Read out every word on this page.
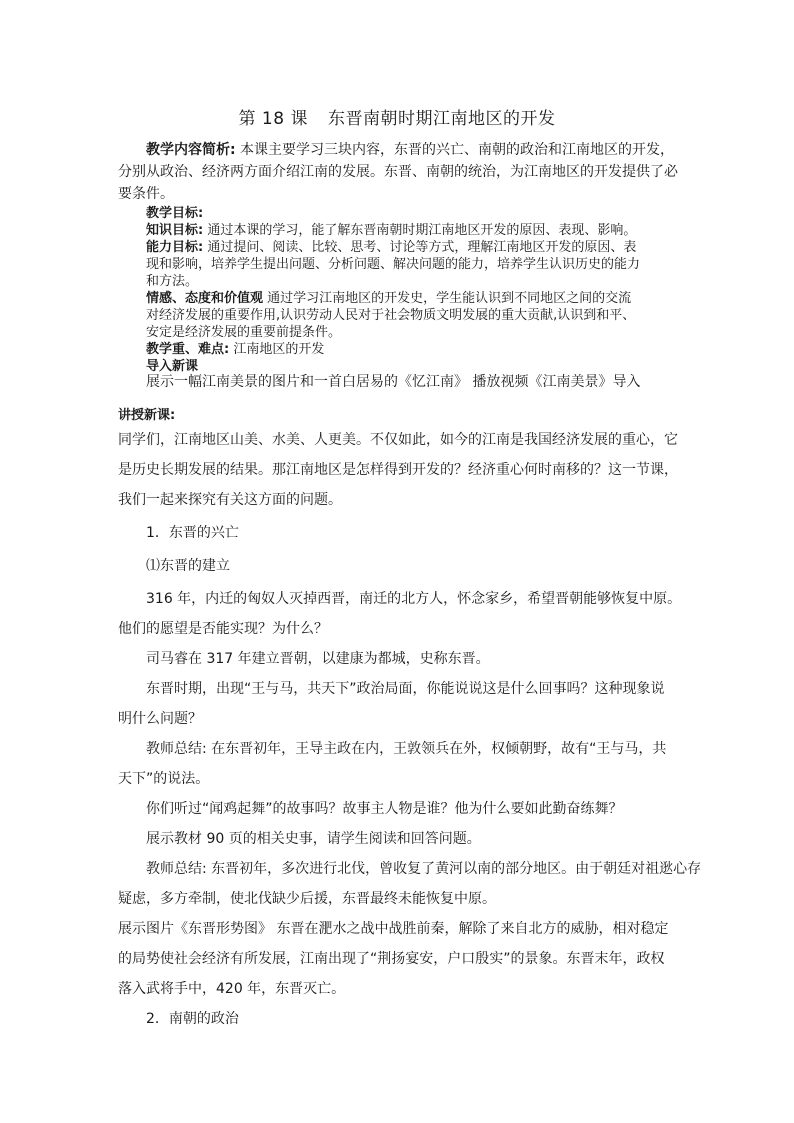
第 18 课 东晋南朝时期江南地区的开发
教学内容简析: 本课主要学习三块内容，东晋的兴亡、南朝的政治和江南地区的开发，
分别从政治、经济两方面介绍江南的发展。东晋、南朝的统治，为江南地区的开发提供了必
要条件。
教学目标:
知识目标: 通过本课的学习，能了解东晋南朝时期江南地区开发的原因、表现、影响。
能力目标: 通过提问、阅读、比较、思考、讨论等方式，理解江南地区开发的原因、表
现和影响，培养学生提出问题、分析问题、解决问题的能力，培养学生认识历史的能力
和方法。
情感、态度和价值观 通过学习江南地区的开发史，学生能认识到不同地区之间的交流
对经济发展的重要作用,认识劳动人民对于社会物质文明发展的重大贡献,认识到和平、
安定是经济发展的重要前提条件。
教学重、难点: 江南地区的开发
导入新课
展示一幅江南美景的图片和一首白居易的《忆江南》 播放视频《江南美景》导入
讲授新课:
同学们，江南地区山美、水美、人更美。不仅如此，如今的江南是我国经济发展的重心，它
是历史长期发展的结果。那江南地区是怎样得到开发的？经济重心何时南移的？这一节课，
我们一起来探究有关这方面的问题。
1．东晋的兴亡
⑴东晋的建立
316 年，内迁的匈奴人灭掉西晋，南迁的北方人，怀念家乡，希望晋朝能够恢复中原。
他们的愿望是否能实现？为什么？
司马睿在 317 年建立晋朝，以建康为都城，史称东晋。
东晋时期，出现“王与马，共天下”政治局面，你能说说这是什么回事吗？这种现象说
明什么问题？
教师总结: 在东晋初年，王导主政在内，王敦领兵在外，权倾朝野，故有“王与马，共
天下”的说法。
你们听过“闻鸡起舞”的故事吗？故事主人物是谁？他为什么要如此勤奋练舞？
展示教材 90 页的相关史事，请学生阅读和回答问题。
教师总结: 东晋初年，多次进行北伐，曾收复了黄河以南的部分地区。由于朝廷对祖逖心存
疑虑，多方牵制，使北伐缺少后援，东晋最终未能恢复中原。
展示图片《东晋形势图》 东晋在淝水之战中战胜前秦，解除了来自北方的威胁，相对稳定
的局势使社会经济有所发展，江南出现了“荆扬宴安，户口殷实”的景象。东晋末年，政权
落入武将手中，420 年，东晋灭亡。
2．南朝的政治
